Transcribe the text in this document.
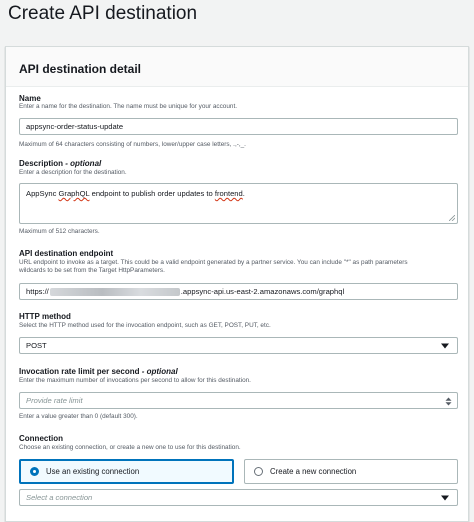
Create API destination
API destination detail
Name
Enter a name for the destination. The name must be unique for your account.
appsync-order-status-update
Maximum of 64 characters consisting of numbers, lower/upper case letters, .,-,_.
Description - optional
Enter a description for the destination.
AppSync GraphQL endpoint to publish order updates to frontend.
Maximum of 512 characters.
API destination endpoint
URL endpoint to invoke as a target. This could be a valid endpoint generated by a partner service. You can include "*" as path parameters
wildcards to be set from the Target HttpParameters.
https://	.appsync-api.us-east-2.amazonaws.com/graphql
HTTP method
Select the HTTP method used for the invocation endpoint, such as GET, POST, PUT, etc.
POST
Invocation rate limit per second - optional
Enter the maximum number of invocations per second to allow for this destination.
Provide rate limit
Enter a value greater than 0 (default 300).
Connection
Choose an existing connection, or create a new one to use for this destination.
Use an existing connection	Create a new connection
Select a connection
